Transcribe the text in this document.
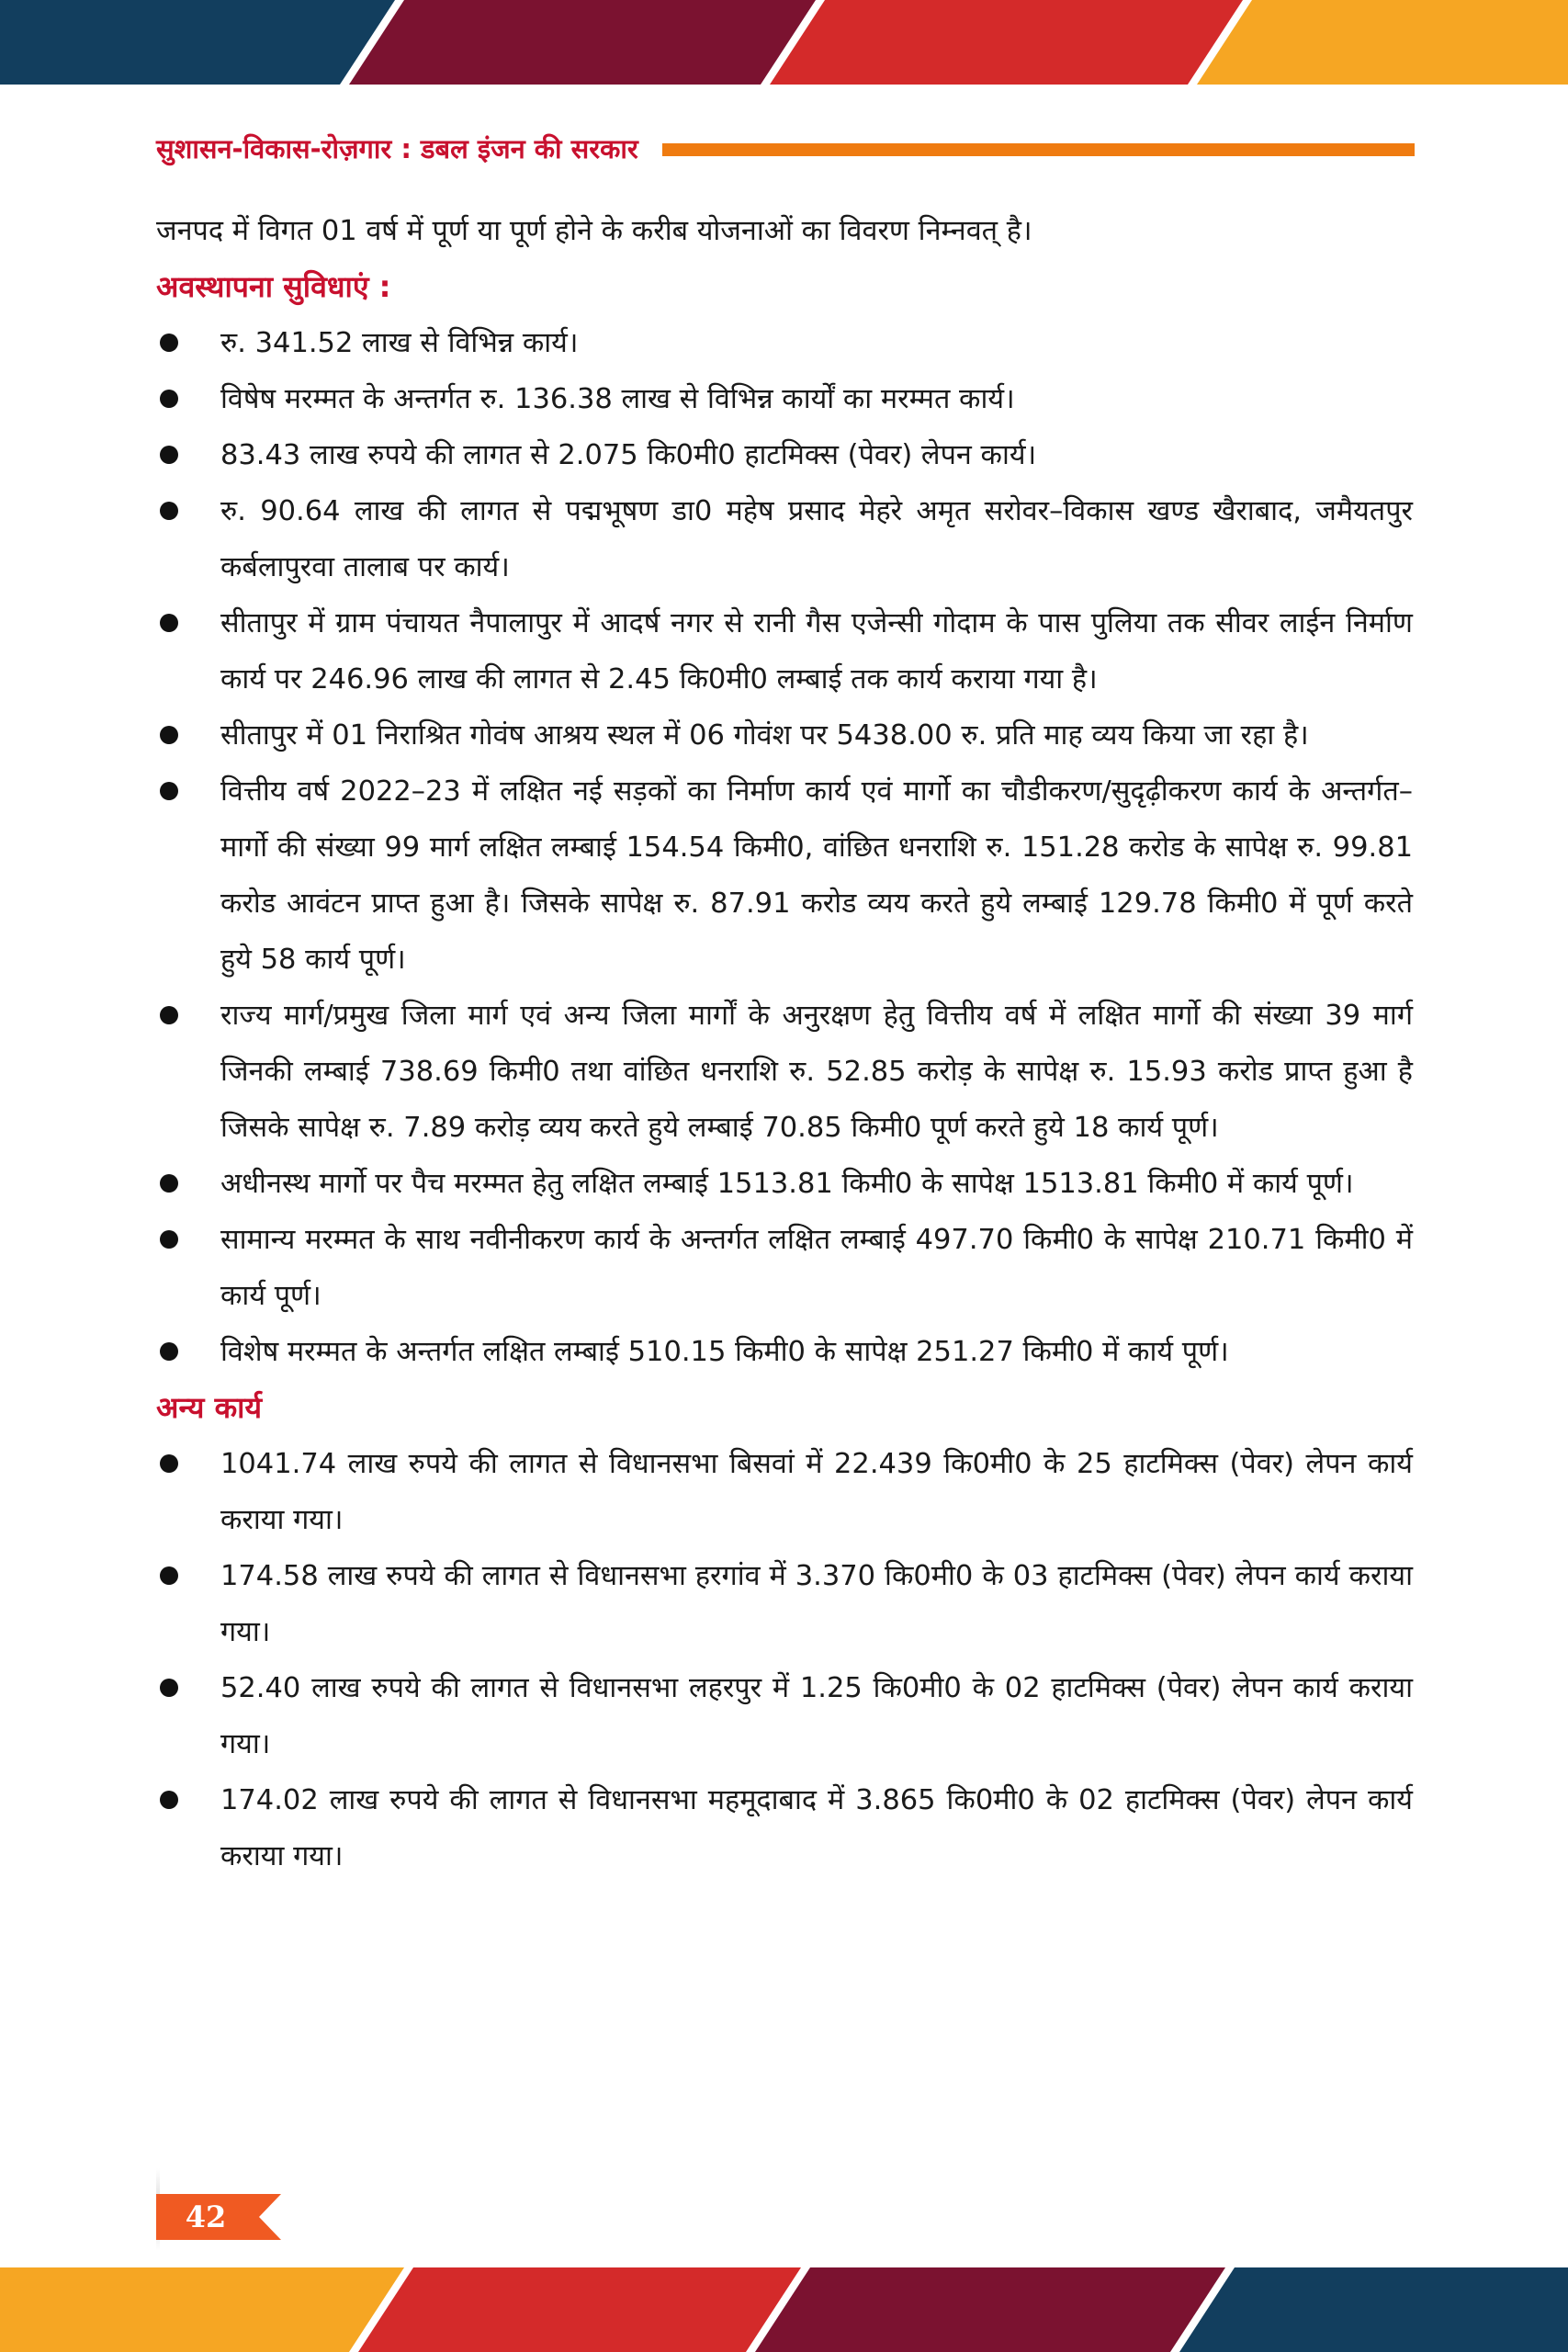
सुशासन-विकास-रोज़गार : डबल इंजन की सरकार

जनपद में विगत 01 वर्ष में पूर्ण या पूर्ण होने के करीब योजनाओं का विवरण निम्नवत् है।

अवस्थापना सुविधाएं :
रु. 341.52 लाख से विभिन्न कार्य।
विषेष मरम्मत के अन्तर्गत रु. 136.38 लाख से विभिन्न कार्यों का मरम्मत कार्य।
83.43 लाख रुपये की लागत से 2.075 कि0मी0 हाटमिक्स (पेवर) लेपन कार्य।
रु. 90.64 लाख की लागत से पद्मभूषण डा0 महेष प्रसाद मेहरे अमृत सरोवर–विकास खण्ड खैराबाद, जमैयतपुर कर्बलापुरवा तालाब पर कार्य।
सीतापुर में ग्राम पंचायत नैपालापुर में आदर्ष नगर से रानी गैस एजेन्सी गोदाम के पास पुलिया तक सीवर लाईन निर्माण कार्य पर 246.96 लाख की लागत से 2.45 कि0मी0 लम्बाई तक कार्य कराया गया है।
सीतापुर में 01 निराश्रित गोवंष आश्रय स्थल में 06 गोवंश पर 5438.00 रु. प्रति माह व्यय किया जा रहा है।
वित्तीय वर्ष 2022–23 में लक्षित नई सड़कों का निर्माण कार्य एवं मार्गो का चौडीकरण/सुदृढ़ीकरण कार्य के अन्तर्गत–मार्गो की संख्या 99 मार्ग लक्षित लम्बाई 154.54 किमी0, वांछित धनराशि रु. 151.28 करोड के सापेक्ष रु. 99.81 करोड आवंटन प्राप्त हुआ है। जिसके सापेक्ष रु. 87.91 करोड व्यय करते हुये लम्बाई 129.78 किमी0 में पूर्ण करते हुये 58 कार्य पूर्ण।
राज्य मार्ग/प्रमुख जिला मार्ग एवं अन्य जिला मार्गों के अनुरक्षण हेतु वित्तीय वर्ष में लक्षित मार्गो की संख्या 39 मार्ग जिनकी लम्बाई 738.69 किमी0 तथा वांछित धनराशि रु. 52.85 करोड़ के सापेक्ष रु. 15.93 करोड प्राप्त हुआ है जिसके सापेक्ष रु. 7.89 करोड़ व्यय करते हुये लम्बाई 70.85 किमी0 पूर्ण करते हुये 18 कार्य पूर्ण।
अधीनस्थ मार्गो पर पैच मरम्मत हेतु लक्षित लम्बाई 1513.81 किमी0 के सापेक्ष 1513.81 किमी0 में कार्य पूर्ण।
सामान्य मरम्मत के साथ नवीनीकरण कार्य के अन्तर्गत लक्षित लम्बाई 497.70 किमी0 के सापेक्ष 210.71 किमी0 में कार्य पूर्ण।
विशेष मरम्मत के अन्तर्गत लक्षित लम्बाई 510.15 किमी0 के सापेक्ष 251.27 किमी0 में कार्य पूर्ण।
अन्य कार्य
1041.74 लाख रुपये की लागत से विधानसभा बिसवां में 22.439 कि0मी0 के 25 हाटमिक्स (पेवर) लेपन कार्य कराया गया।
174.58 लाख रुपये की लागत से विधानसभा हरगांव में 3.370 कि0मी0 के 03 हाटमिक्स (पेवर) लेपन कार्य कराया गया।
52.40 लाख रुपये की लागत से विधानसभा लहरपुर में 1.25 कि0मी0 के 02 हाटमिक्स (पेवर) लेपन कार्य कराया गया।
174.02 लाख रुपये की लागत से विधानसभा महमूदाबाद में 3.865 कि0मी0 के 02 हाटमिक्स (पेवर) लेपन कार्य कराया गया।
42
